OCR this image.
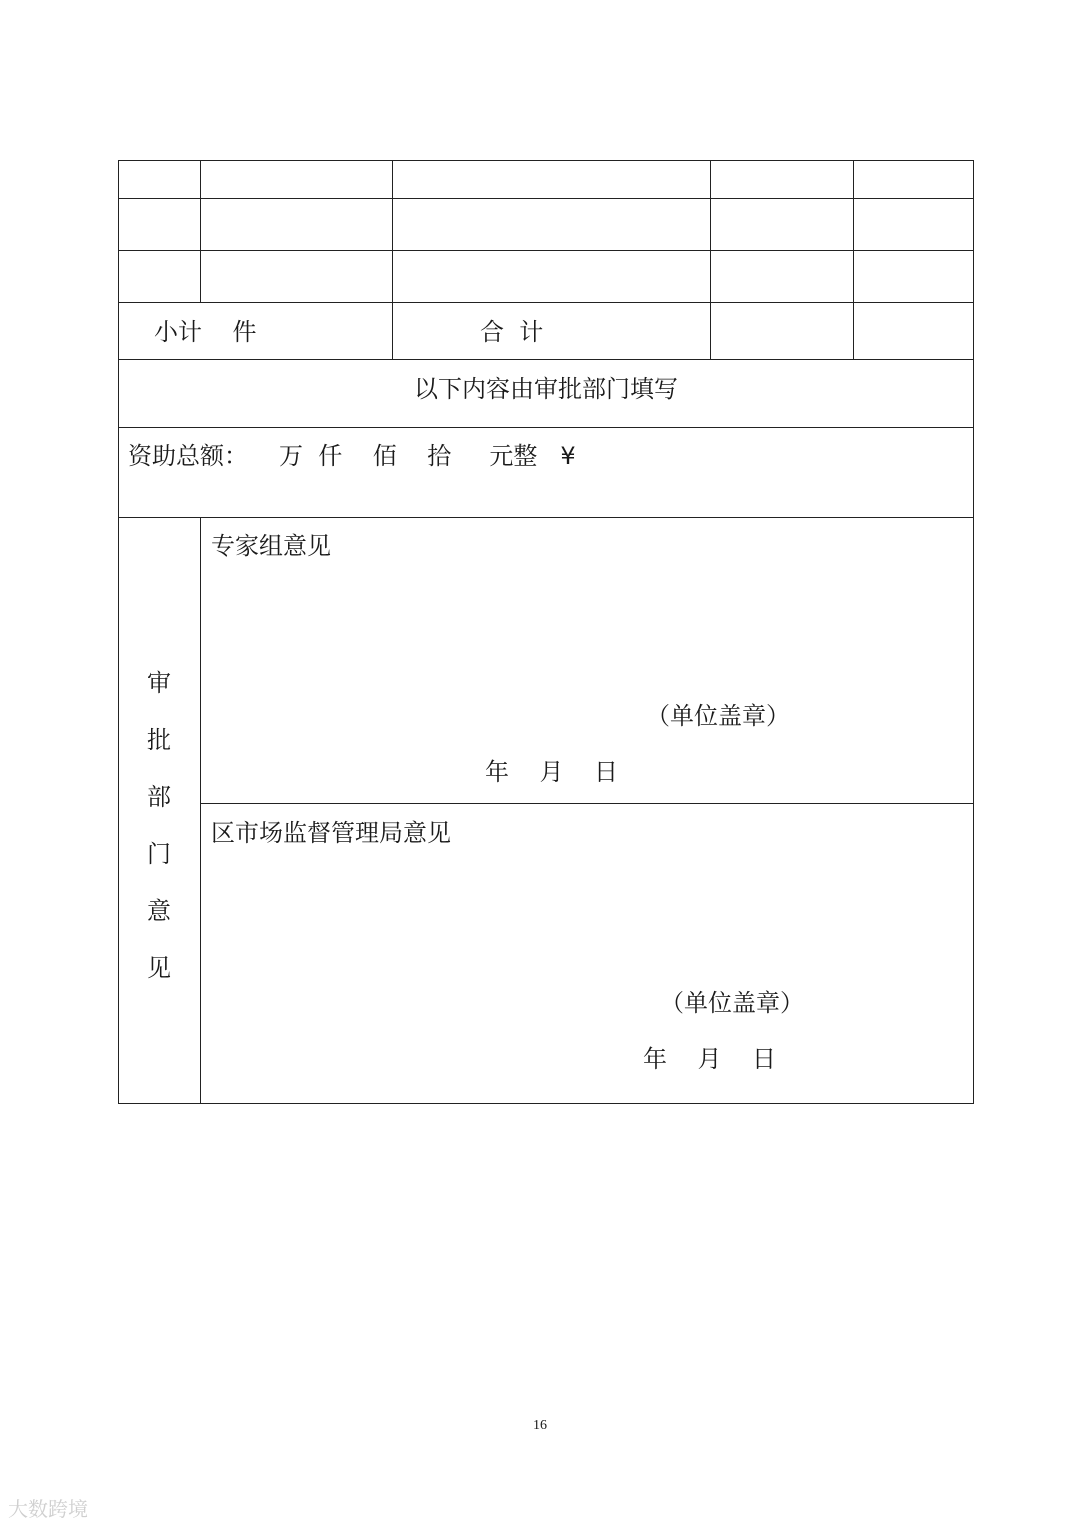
小计    件	合  计
以下内容由审批部门填写
资助总额： 万  仟    佰    拾     元整   ¥
审
批
部
门
意
见
专家组意见
（单位盖章）
年    月    日
区市场监督管理局意见
（单位盖章）
年    月    日
16
大数跨境
